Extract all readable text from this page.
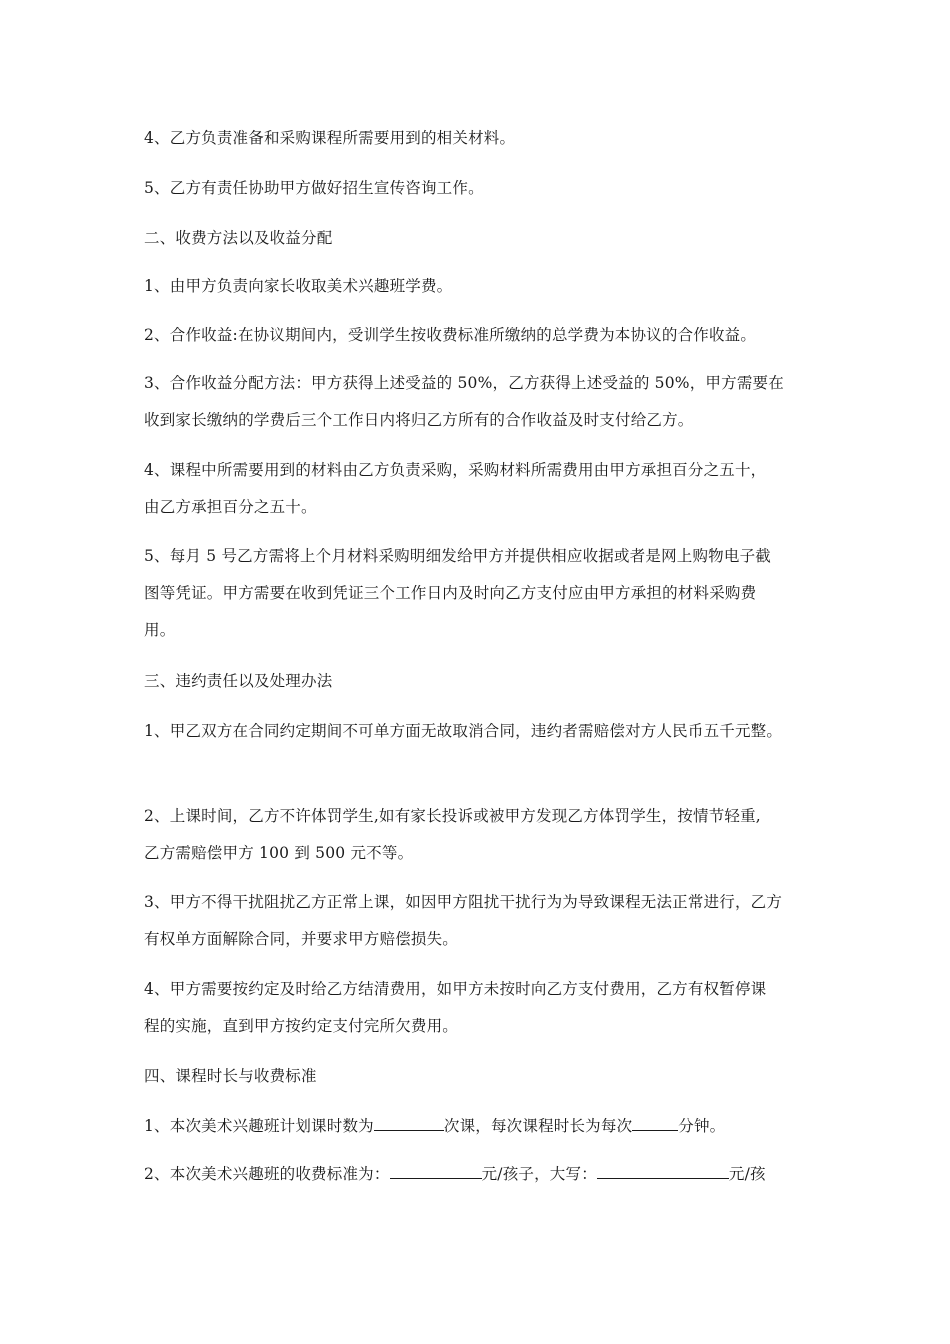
4、乙方负责准备和采购课程所需要用到的相关材料。
5、乙方有责任协助甲方做好招生宣传咨询工作。
二、收费方法以及收益分配
1、由甲方负责向家长收取美术兴趣班学费。
2、合作收益:在协议期间内，受训学生按收费标准所缴纳的总学费为本协议的合作收益。
3、合作收益分配方法：甲方获得上述受益的 50%，乙方获得上述受益的 50%，甲方需要在
收到家长缴纳的学费后三个工作日内将归乙方所有的合作收益及时支付给乙方。
4、课程中所需要用到的材料由乙方负责采购，采购材料所需费用由甲方承担百分之五十，
由乙方承担百分之五十。
5、每月 5 号乙方需将上个月材料采购明细发给甲方并提供相应收据或者是网上购物电子截
图等凭证。甲方需要在收到凭证三个工作日内及时向乙方支付应由甲方承担的材料采购费
用。
三、违约责任以及处理办法
1、甲乙双方在合同约定期间不可单方面无故取消合同，违约者需赔偿对方人民币五千元整。
2、上课时间，乙方不许体罚学生,如有家长投诉或被甲方发现乙方体罚学生，按情节轻重,
乙方需赔偿甲方 100 到 500 元不等。
3、甲方不得干扰阻扰乙方正常上课，如因甲方阻扰干扰行为为导致课程无法正常进行，乙方
有权单方面解除合同，并要求甲方赔偿损失。
4、甲方需要按约定及时给乙方结清费用，如甲方未按时向乙方支付费用，乙方有权暂停课
程的实施，直到甲方按约定支付完所欠费用。
四、课程时长与收费标准
1、本次美术兴趣班计划课时数为	次课，每次课程时长为每次	分钟。
2、本次美术兴趣班的收费标准为：	元/孩子，大写：	元/孩
